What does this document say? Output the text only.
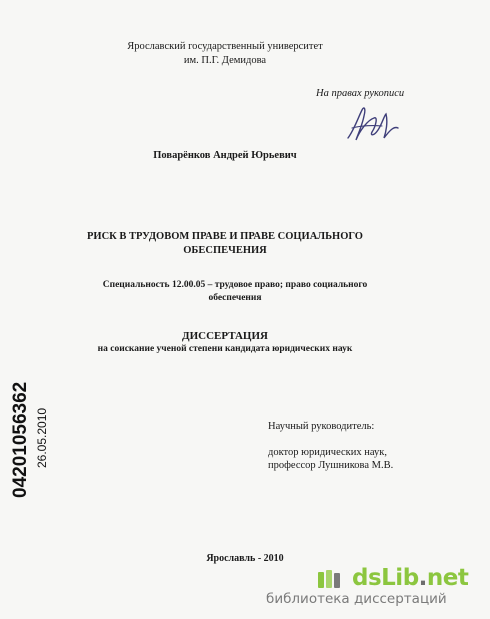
Ярославский государственный университет
им. П.Г. Демидова
На правах рукописи
Поварёнков Андрей Юрьевич
РИСК В ТРУДОВОМ ПРАВЕ И ПРАВЕ СОЦИАЛЬНОГО
ОБЕСПЕЧЕНИЯ
Специальность 12.00.05 – трудовое право; право социального
обеспечения
ДИССЕРТАЦИЯ
на соискание ученой степени кандидата юридических наук
04201056362 26.05.2010	Научный руководитель:
доктор юридических наук,
профессор Лушникова М.В.
Ярославль - 2010
dsLib.net
библиотека диссертаций
